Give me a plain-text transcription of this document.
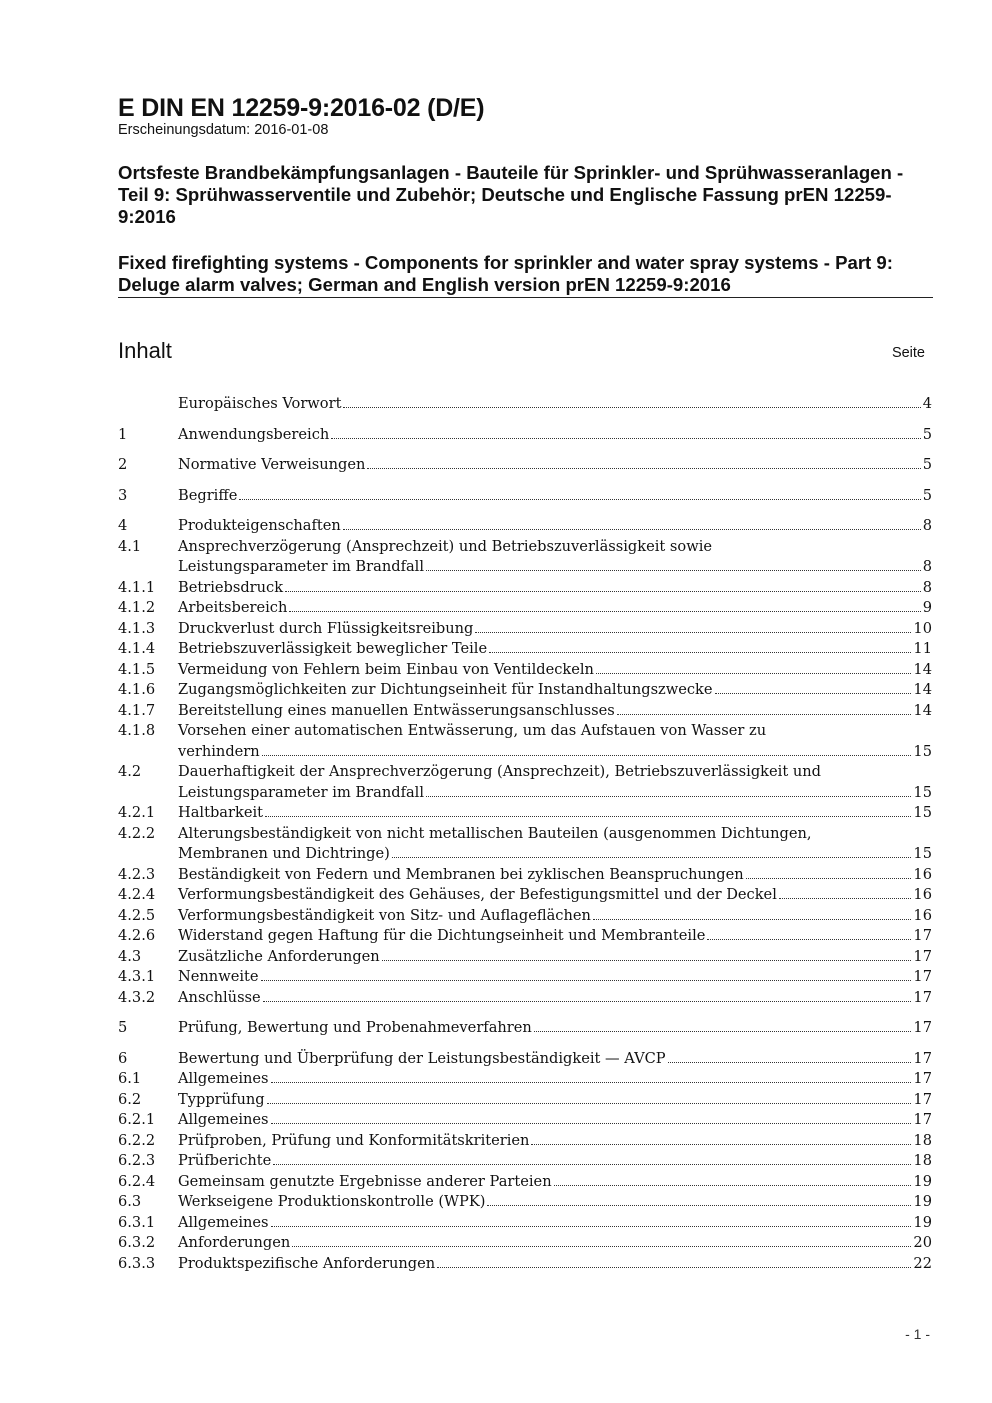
E DIN EN 12259-9:2016-02 (D/E)
Erscheinungsdatum: 2016-01-08
Ortsfeste Brandbekämpfungsanlagen - Bauteile für Sprinkler- und Sprühwasseranlagen - Teil 9: Sprühwasserventile und Zubehör; Deutsche und Englische Fassung prEN 12259-9:2016
Fixed firefighting systems - Components for sprinkler and water spray systems - Part 9: Deluge alarm valves; German and English version prEN 12259-9:2016
Inhalt	Seite
Europäisches Vorwort	4
1	Anwendungsbereich	5
2	Normative Verweisungen	5
3	Begriffe	5
4	Produkteigenschaften	8
4.1	Ansprechverzögerung (Ansprechzeit) und Betriebszuverlässigkeit sowie
Leistungsparameter im Brandfall	8
4.1.1	Betriebsdruck	8
4.1.2	Arbeitsbereich	9
4.1.3	Druckverlust durch Flüssigkeitsreibung	10
4.1.4	Betriebszuverlässigkeit beweglicher Teile	11
4.1.5	Vermeidung von Fehlern beim Einbau von Ventildeckeln	14
4.1.6	Zugangsmöglichkeiten zur Dichtungseinheit für Instandhaltungszwecke	14
4.1.7	Bereitstellung eines manuellen Entwässerungsanschlusses	14
4.1.8	Vorsehen einer automatischen Entwässerung, um das Aufstauen von Wasser zu
verhindern	15
4.2	Dauerhaftigkeit der Ansprechverzögerung (Ansprechzeit), Betriebszuverlässigkeit und
Leistungsparameter im Brandfall	15
4.2.1	Haltbarkeit	15
4.2.2	Alterungsbeständigkeit von nicht metallischen Bauteilen (ausgenommen Dichtungen,
Membranen und Dichtringe)	15
4.2.3	Beständigkeit von Federn und Membranen bei zyklischen Beanspruchungen	16
4.2.4	Verformungsbeständigkeit des Gehäuses, der Befestigungsmittel und der Deckel	16
4.2.5	Verformungsbeständigkeit von Sitz- und Auflageflächen	16
4.2.6	Widerstand gegen Haftung für die Dichtungseinheit und Membranteile	17
4.3	Zusätzliche Anforderungen	17
4.3.1	Nennweite	17
4.3.2	Anschlüsse	17
5	Prüfung, Bewertung und Probenahmeverfahren	17
6	Bewertung und Überprüfung der Leistungsbeständigkeit — AVCP	17
6.1	Allgemeines	17
6.2	Typprüfung	17
6.2.1	Allgemeines	17
6.2.2	Prüfproben, Prüfung und Konformitätskriterien	18
6.2.3	Prüfberichte	18
6.2.4	Gemeinsam genutzte Ergebnisse anderer Parteien	19
6.3	Werkseigene Produktionskontrolle (WPK)	19
6.3.1	Allgemeines	19
6.3.2	Anforderungen	20
6.3.3	Produktspezifische Anforderungen	22
- 1 -
